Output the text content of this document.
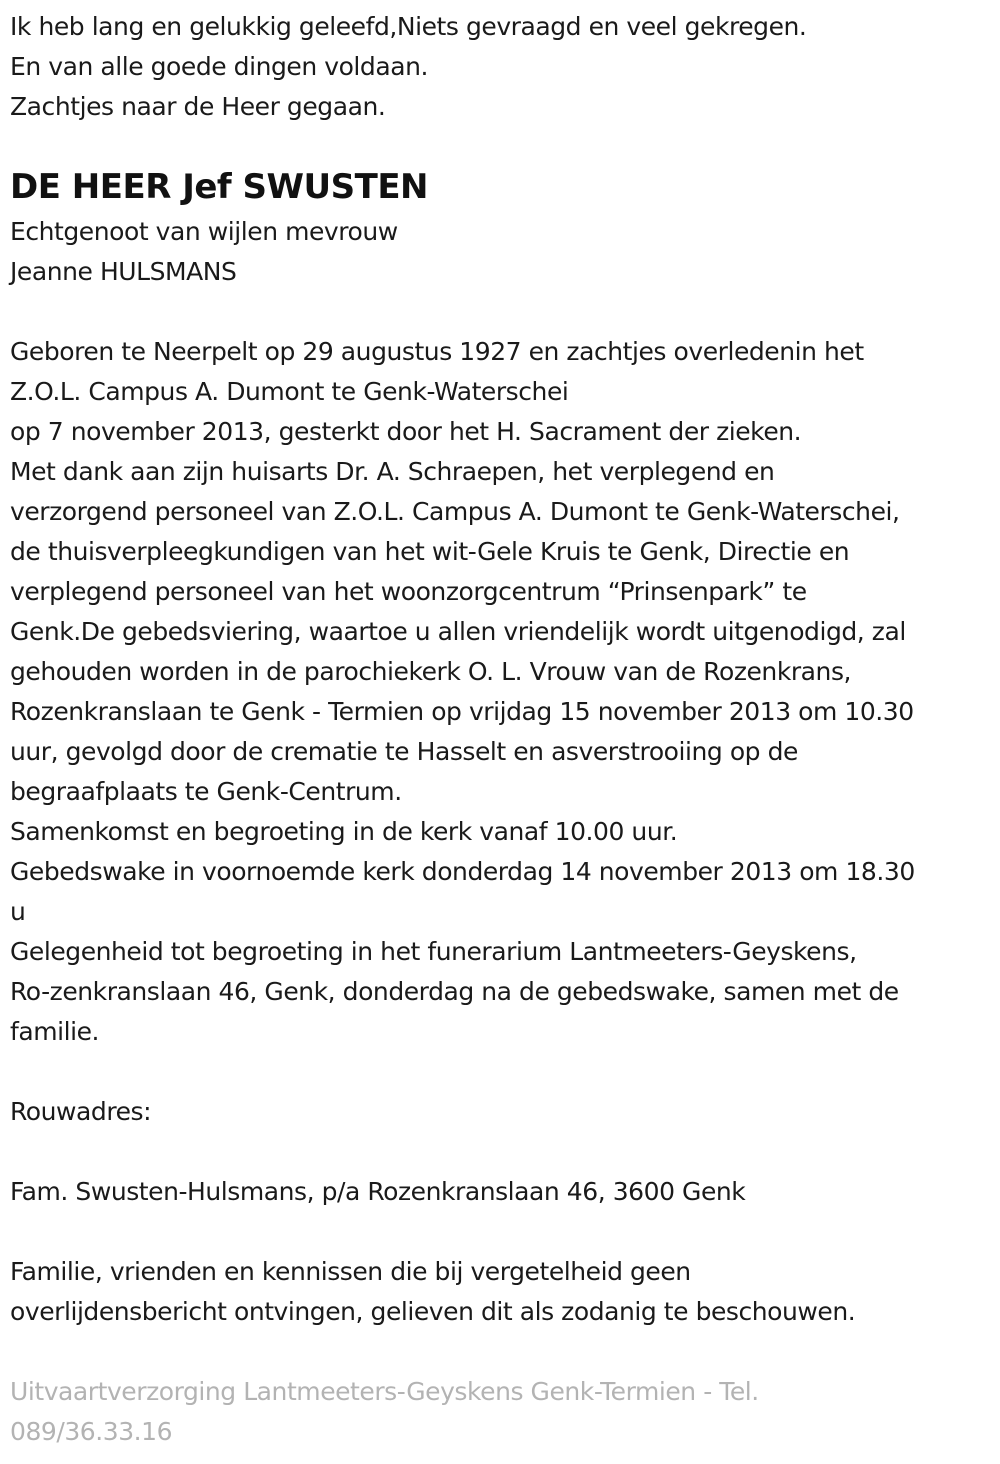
Ik heb lang en gelukkig geleefd,Niets gevraagd en veel gekregen.
En van alle goede dingen voldaan.
Zachtjes naar de Heer gegaan.
DE HEER Jef SWUSTEN
Echtgenoot van wijlen mevrouw
Jeanne HULSMANS
Geboren te Neerpelt op 29 augustus 1927 en zachtjes overledenin het
Z.O.L. Campus A. Dumont te Genk-Waterschei
op 7 november 2013, gesterkt door het H. Sacrament der zieken.
Met dank aan zijn huisarts Dr. A. Schraepen, het verplegend en
verzorgend personeel van Z.O.L. Campus A. Dumont te Genk-Waterschei,
de thuisverpleegkundigen van het wit-Gele Kruis te Genk, Directie en
verplegend personeel van het woonzorgcentrum “Prinsenpark” te
Genk.De gebedsviering, waartoe u allen vriendelijk wordt uitgenodigd, zal
gehouden worden in de parochiekerk O. L. Vrouw van de Rozenkrans,
Rozenkranslaan te Genk - Termien op vrijdag 15 november 2013 om 10.30
uur, gevolgd door de crematie te Hasselt en asverstrooiing op de
begraafplaats te Genk-Centrum.
Samenkomst en begroeting in de kerk vanaf 10.00 uur.
Gebedswake in voornoemde kerk donderdag 14 november 2013 om 18.30
u
Gelegenheid tot begroeting in het funerarium Lantmeeters-Geyskens,
Ro-zenkranslaan 46, Genk, donderdag na de gebedswake, samen met de
familie.
Rouwadres:
Fam. Swusten-Hulsmans, p/a Rozenkranslaan 46, 3600 Genk
Familie, vrienden en kennissen die bij vergetelheid geen
overlijdensbericht ontvingen, gelieven dit als zodanig te beschouwen.
Uitvaartverzorging Lantmeeters-Geyskens Genk-Termien - Tel.
089/36.33.16
